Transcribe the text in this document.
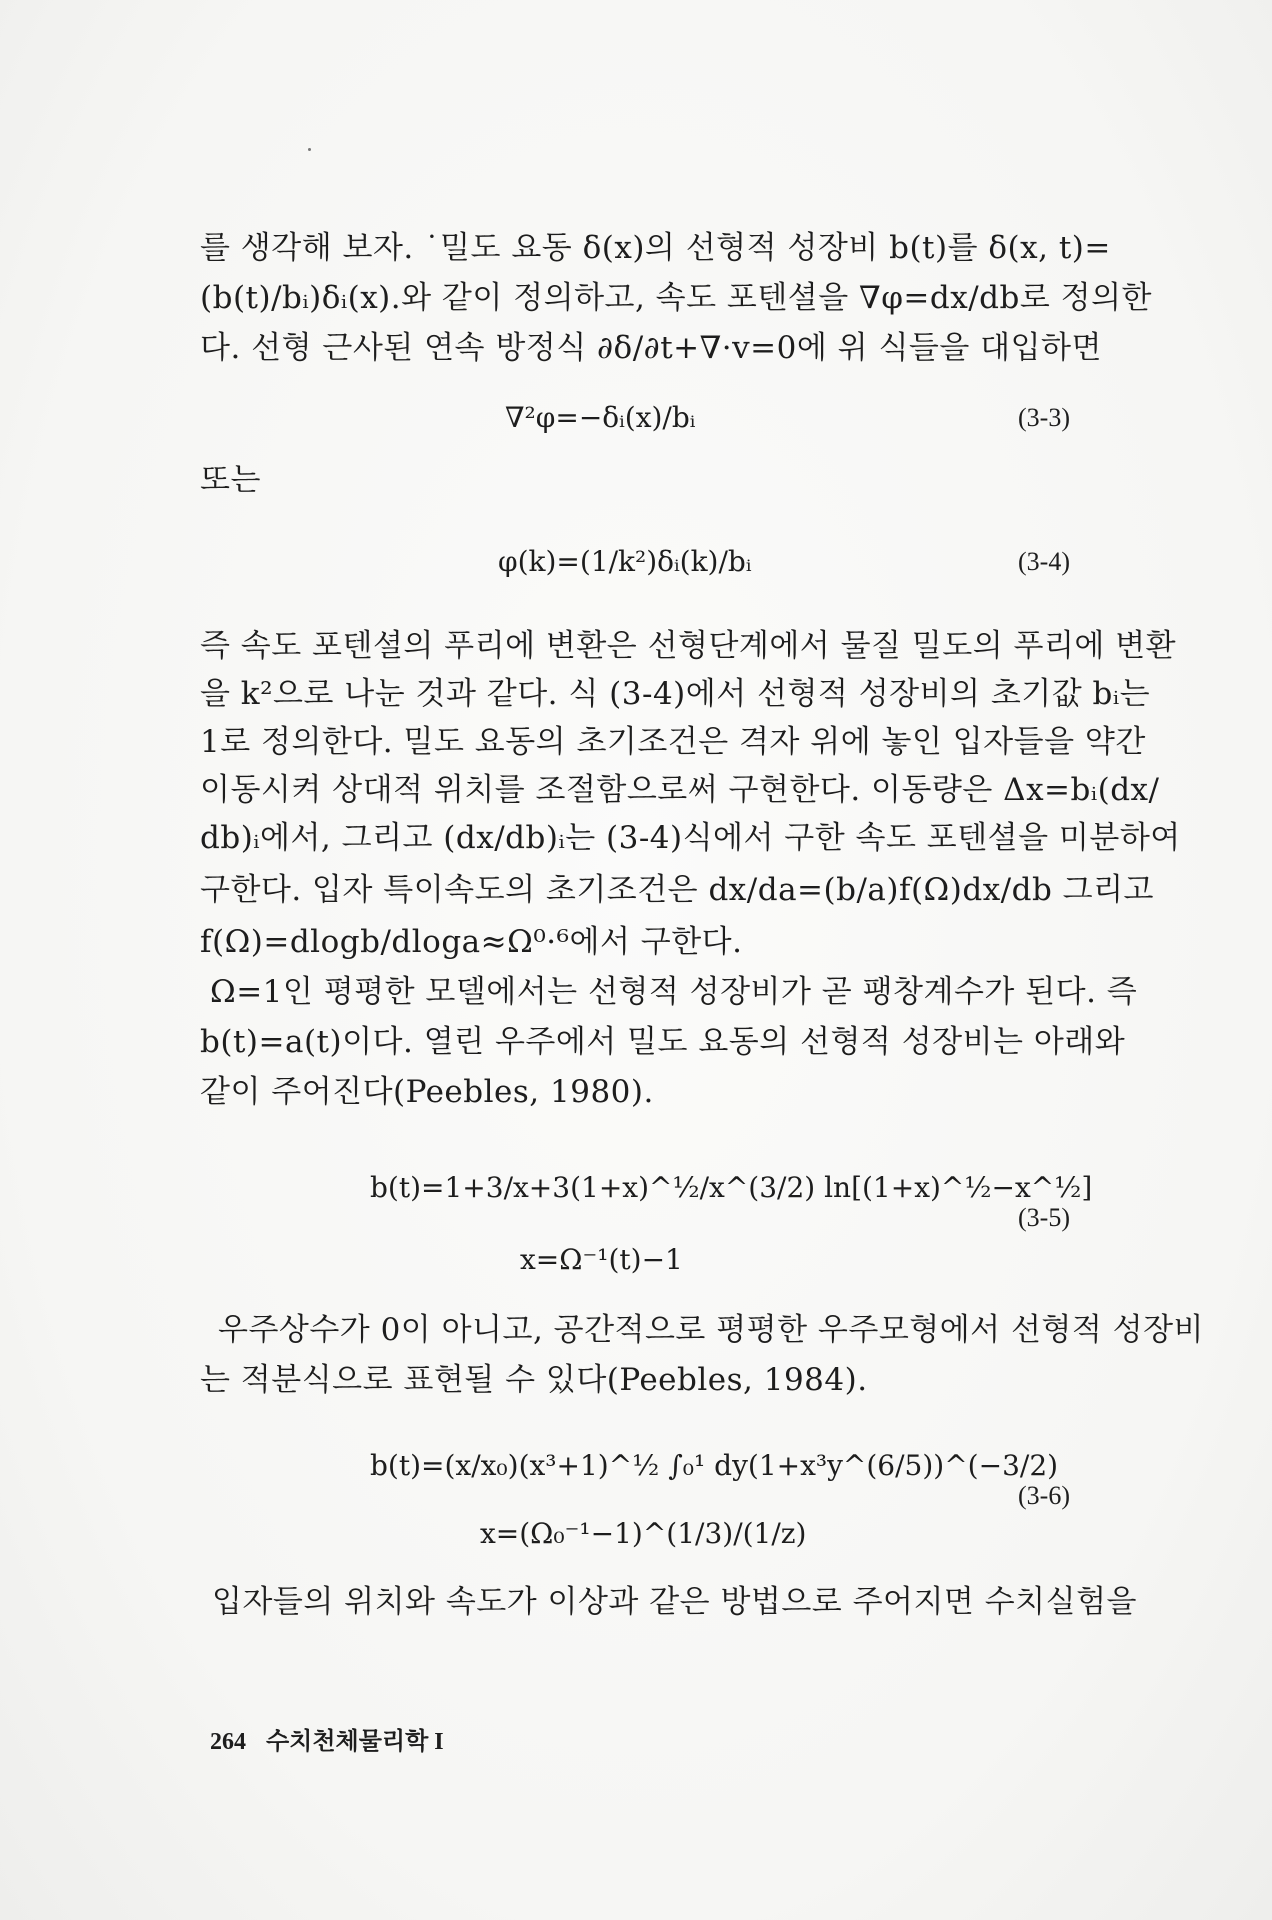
를 생각해 보자. ˙밀도 요동 δ(x)의 선형적 성장비 b(t)를 δ(x, t)=
(b(t)/bᵢ)δᵢ(x).와 같이 정의하고, 속도 포텐셜을 ∇φ=dx/db로 정의한
다. 선형 근사된 연속 방정식 ∂δ/∂t+∇·v=0에 위 식들을 대입하면
∇²φ=−δᵢ(x)/bᵢ	(3-3)
또는
φ(k)=(1/k²)δᵢ(k)/bᵢ	(3-4)
즉 속도 포텐셜의 푸리에 변환은 선형단계에서 물질 밀도의 푸리에 변환
을 k²으로 나눈 것과 같다. 식 (3-4)에서 선형적 성장비의 초기값 bᵢ는
1로 정의한다. 밀도 요동의 초기조건은 격자 위에 놓인 입자들을 약간
이동시켜 상대적 위치를 조절함으로써 구현한다. 이동량은 Δx=bᵢ(dx/
db)ᵢ에서, 그리고 (dx/db)ᵢ는 (3-4)식에서 구한 속도 포텐셜을 미분하여
구한다. 입자 특이속도의 초기조건은 dx/da=(b/a)f(Ω)dx/db 그리고
f(Ω)=dlogb/dloga≈Ω⁰·⁶에서 구한다.
Ω=1인 평평한 모델에서는 선형적 성장비가 곧 팽창계수가 된다. 즉
b(t)=a(t)이다. 열린 우주에서 밀도 요동의 선형적 성장비는 아래와
같이 주어진다(Peebles, 1980).
b(t)=1+3/x+3(1+x)^½/x^(3/2) ln[(1+x)^½−x^½]
x=Ω⁻¹(t)−1
(3-5)
우주상수가 0이 아니고, 공간적으로 평평한 우주모형에서 선형적 성장비
는 적분식으로 표현될 수 있다(Peebles, 1984).
b(t)=(x/x₀)(x³+1)^½ ∫₀¹ dy(1+x³y^(6/5))^(−3/2)
x=(Ω₀⁻¹−1)^(1/3)/(1/z)
(3-6)
입자들의 위치와 속도가 이상과 같은 방법으로 주어지면 수치실험을
264 수치천체물리학 I
